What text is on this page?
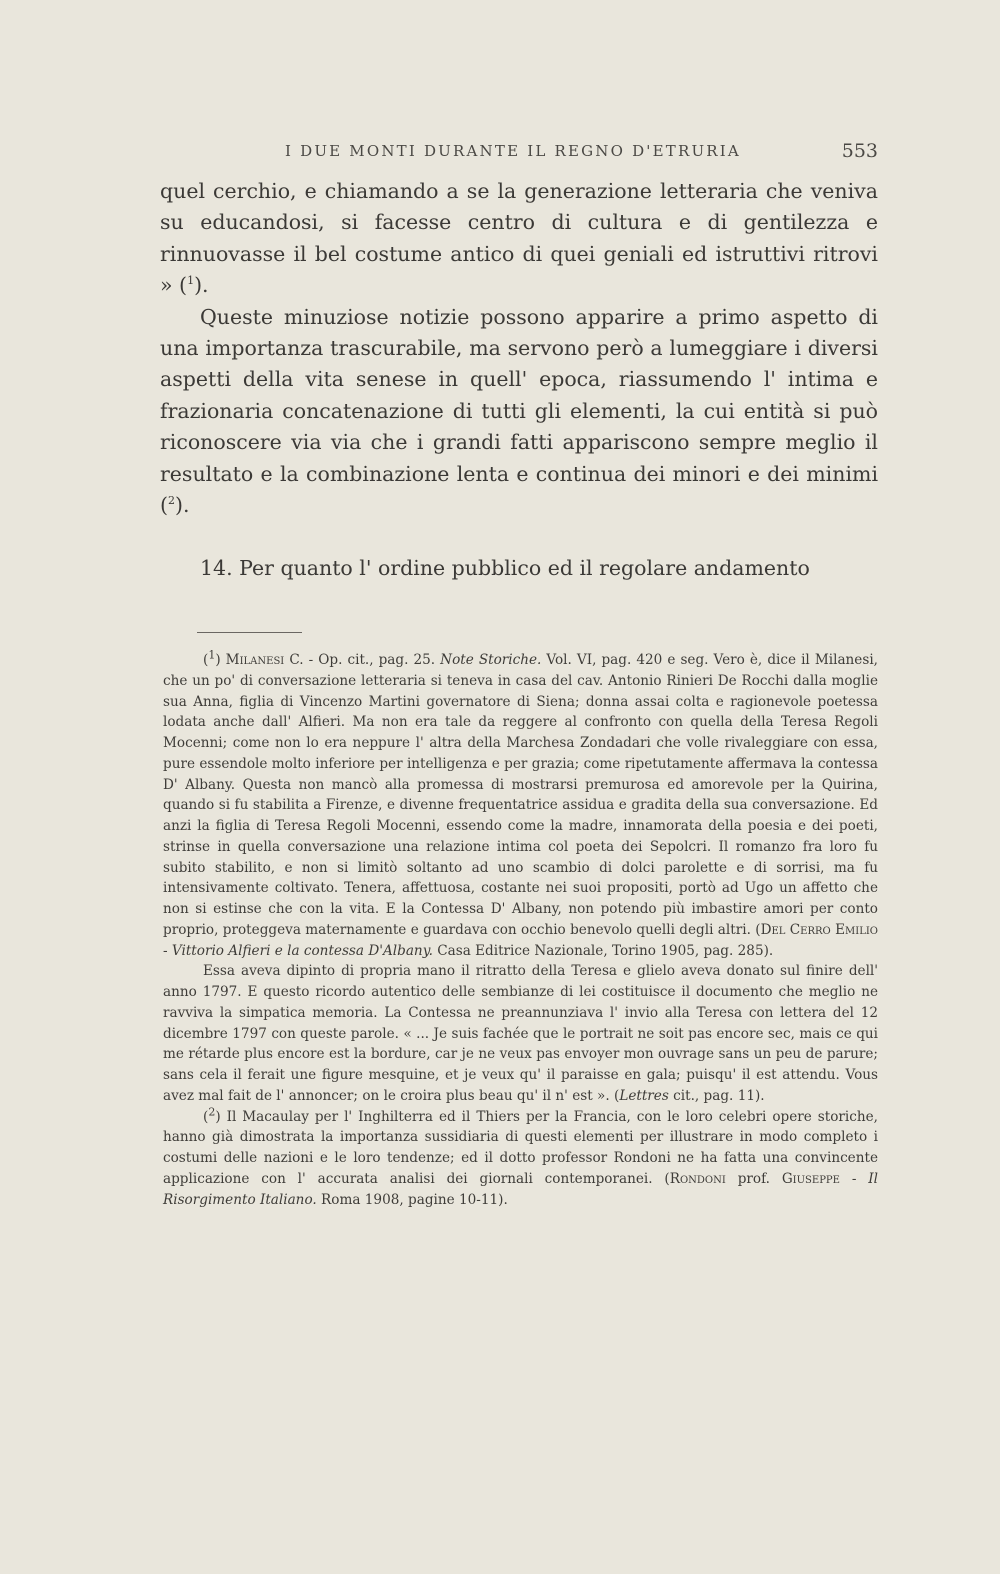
I DUE MONTI DURANTE IL REGNO D'ETRURIA	553

quel cerchio, e chiamando a se la generazione letteraria che veniva su educandosi, si facesse centro di cultura e di gentilezza e rinnuovasse il bel costume antico di quei geniali ed istruttivi ritrovi » ($^1$).

Queste minuziose notizie possono apparire a primo aspetto di una importanza trascurabile, ma servono però a lumeggiare i diversi aspetti della vita senese in quell' epoca, riassumendo l' intima e frazionaria concatenazione di tutti gli elementi, la cui entità si può riconoscere via via che i grandi fatti appariscono sempre meglio il resultato e la combinazione lenta e continua dei minori e dei minimi ($^2$).

14. Per quanto l' ordine pubblico ed il regolare andamento

($^1$) Milanesi C. - Op. cit., pag. 25. Note Storiche. Vol. VI, pag. 420 e seg. Vero è, dice il Milanesi, che un po' di conversazione letteraria si teneva in casa del cav. Antonio Rinieri De Rocchi dalla moglie sua Anna, figlia di Vincenzo Martini governatore di Siena; donna assai colta e ragionevole poetessa lodata anche dall' Alfieri. Ma non era tale da reggere al confronto con quella della Teresa Regoli Mocenni; come non lo era neppure l' altra della Marchesa Zondadari che volle rivaleggiare con essa, pure essendole molto inferiore per intelligenza e per grazia; come ripetutamente affermava la contessa D' Albany. Questa non mancò alla promessa di mostrarsi premurosa ed amorevole per la Quirina, quando si fu stabilita a Firenze, e divenne frequentatrice assidua e gradita della sua conversazione. Ed anzi la figlia di Teresa Regoli Mocenni, essendo come la madre, innamorata della poesia e dei poeti, strinse in quella conversazione una relazione intima col poeta dei Sepolcri. Il romanzo fra loro fu subito stabilito, e non si limitò soltanto ad uno scambio di dolci parolette e di sorrisi, ma fu intensivamente coltivato. Tenera, affettuosa, costante nei suoi propositi, portò ad Ugo un affetto che non si estinse che con la vita. E la Contessa D' Albany, non potendo più imbastire amori per conto proprio, proteggeva maternamente e guardava con occhio benevolo quelli degli altri. (Del Cerro Emilio - Vittorio Alfieri e la contessa D'Albany. Casa Editrice Nazionale, Torino 1905, pag. 285).

Essa aveva dipinto di propria mano il ritratto della Teresa e glielo aveva donato sul finire dell' anno 1797. E questo ricordo autentico delle sembianze di lei costituisce il documento che meglio ne ravviva la simpatica memoria. La Contessa ne preannunziava l' invio alla Teresa con lettera del 12 dicembre 1797 con queste parole. « ... Je suis fachée que le portrait ne soit pas encore sec, mais ce qui me rétarde plus encore est la bordure, car je ne veux pas envoyer mon ouvrage sans un peu de parure; sans cela il ferait une figure mesquine, et je veux qu' il paraisse en gala; puisqu' il est attendu. Vous avez mal fait de l' annoncer; on le croira plus beau qu' il n' est ». (Lettres cit., pag. 11).

($^2$) Il Macaulay per l' Inghilterra ed il Thiers per la Francia, con le loro celebri opere storiche, hanno già dimostrata la importanza sussidiaria di questi elementi per illustrare in modo completo i costumi delle nazioni e le loro tendenze; ed il dotto professor Rondoni ne ha fatta una convincente applicazione con l' accurata analisi dei giornali contemporanei. (Rondoni prof. Giuseppe - Il Risorgimento Italiano. Roma 1908, pagine 10-11).
